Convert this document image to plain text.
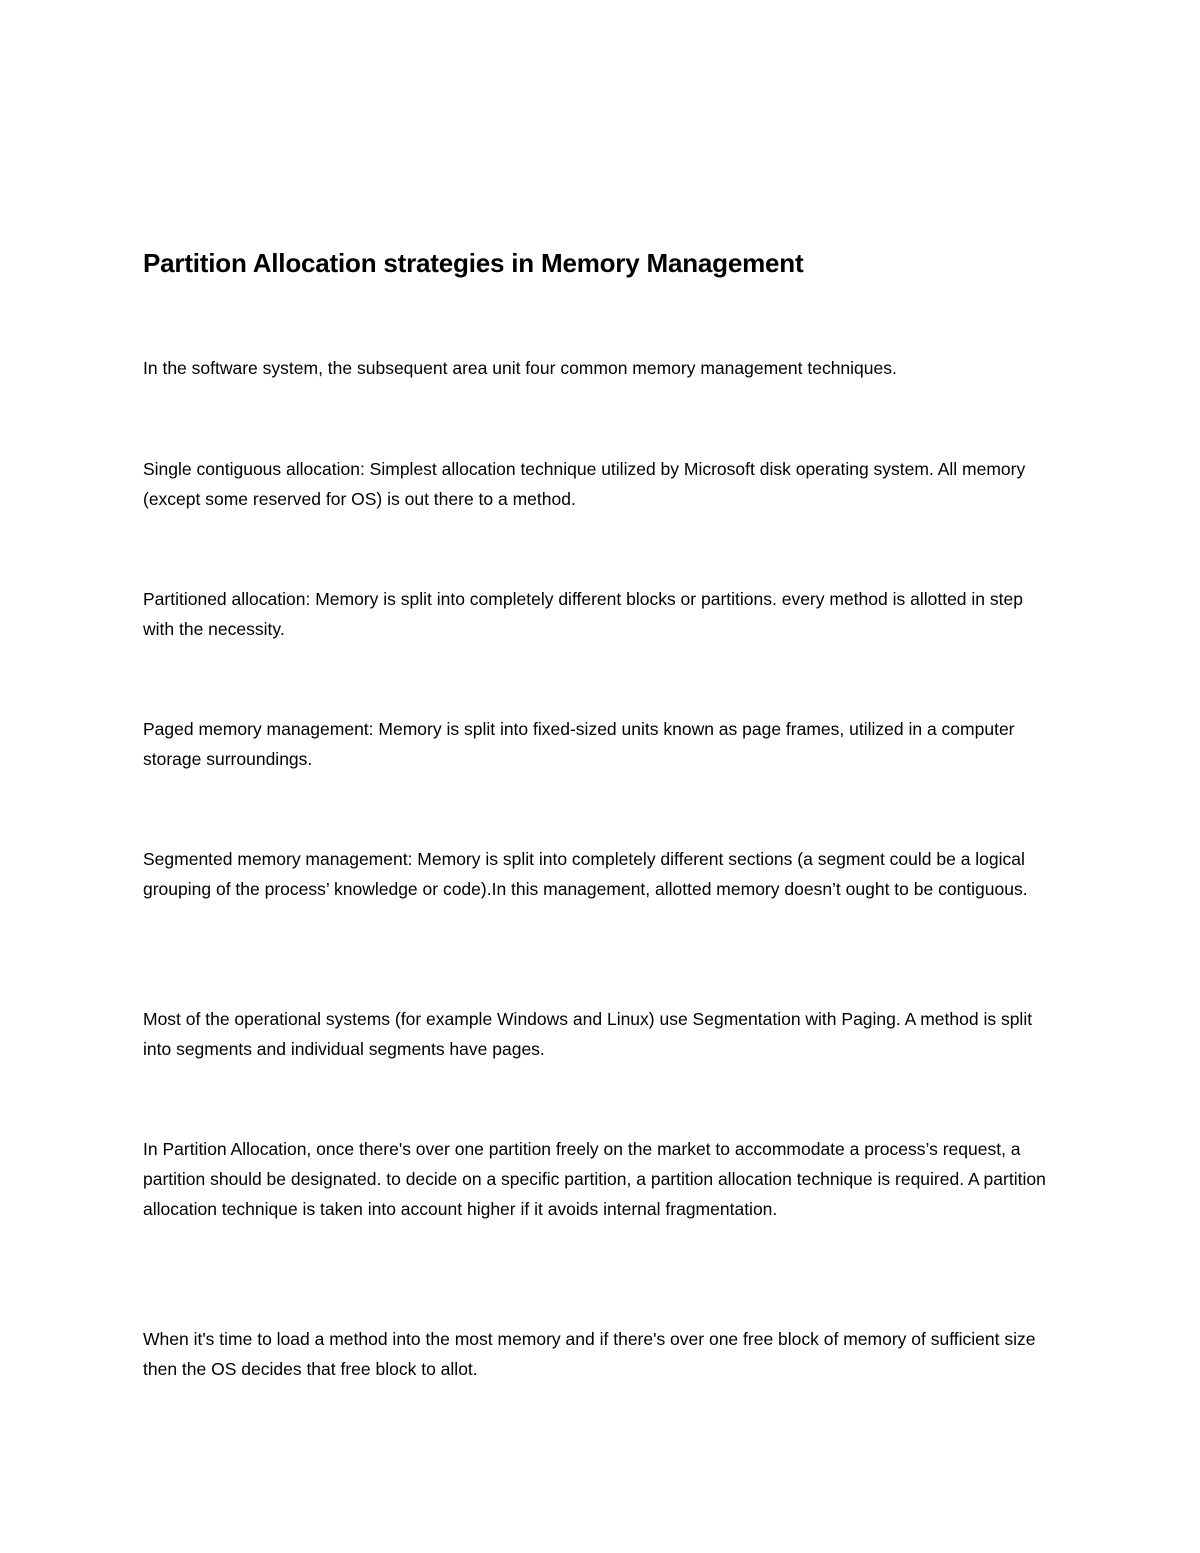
Partition Allocation strategies in Memory Management

In the software system, the subsequent area unit four common memory management techniques.

Single contiguous allocation: Simplest allocation technique utilized by Microsoft disk operating system. All memory (except some reserved for OS) is out there to a method.

Partitioned allocation: Memory is split into completely different blocks or partitions. every method is allotted in step with the necessity.

Paged memory management: Memory is split into fixed-sized units known as page frames, utilized in a computer storage surroundings.

Segmented memory management: Memory is split into completely different sections (a segment could be a logical grouping of the process’ knowledge or code).In this management, allotted memory doesn’t ought to be contiguous.

Most of the operational systems (for example Windows and Linux) use Segmentation with Paging. A method is split into segments and individual segments have pages.

In Partition Allocation, once there's over one partition freely on the market to accommodate a process’s request, a partition should be designated. to decide on a specific partition, a partition allocation technique is required. A partition allocation technique is taken into account higher if it avoids internal fragmentation.

When it's time to load a method into the most memory and if there's over one free block of memory of sufficient size then the OS decides that free block to allot.
